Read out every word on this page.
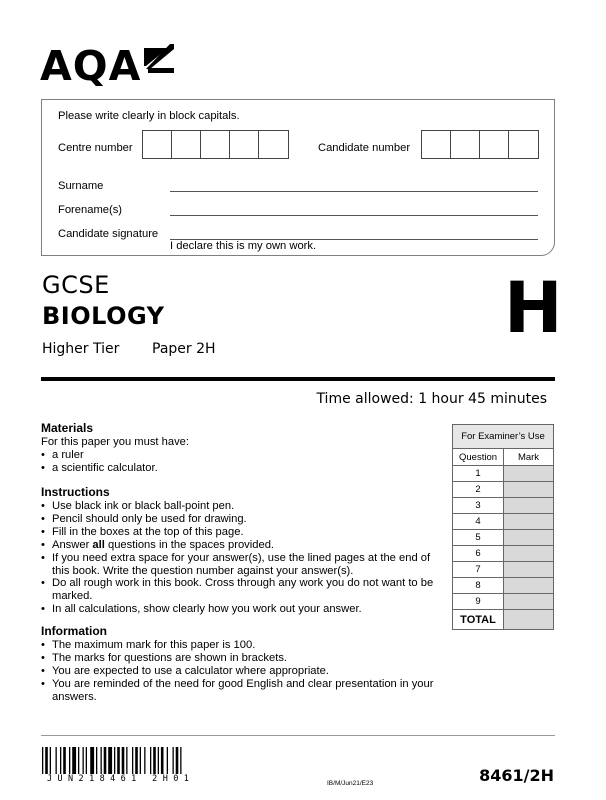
AQA
Please write clearly in block capitals.
Centre number	Candidate number
Surname
Forename(s)
Candidate signature
I declare this is my own work.
GCSE
BIOLOGY
Higher Tier Paper 2H	H
Time allowed: 1 hour 45 minutes
Materials
For this paper you must have:
• a ruler
• a scientific calculator.
Instructions
• Use black ink or black ball-point pen.
• Pencil should only be used for drawing.
• Fill in the boxes at the top of this page.
• Answer all questions in the spaces provided.
• If you need extra space for your answer(s), use the lined pages at the end of this book. Write the question number against your answer(s).
• Do all rough work in this book. Cross through any work you do not want to be marked.
• In all calculations, show clearly how you work out your answer.
Information
• The maximum mark for this paper is 100.
• The marks for questions are shown in brackets.
• You are expected to use a calculator where appropriate.
• You are reminded of the need for good English and clear presentation in your answers.
For Examiner’s Use	
Question	Mark
1	
2	
3	
4	
5	
6	
7	
8	
9	
TOTAL	
JUN218461 2H01	IB/M/Jun21/E23	8461/2H
